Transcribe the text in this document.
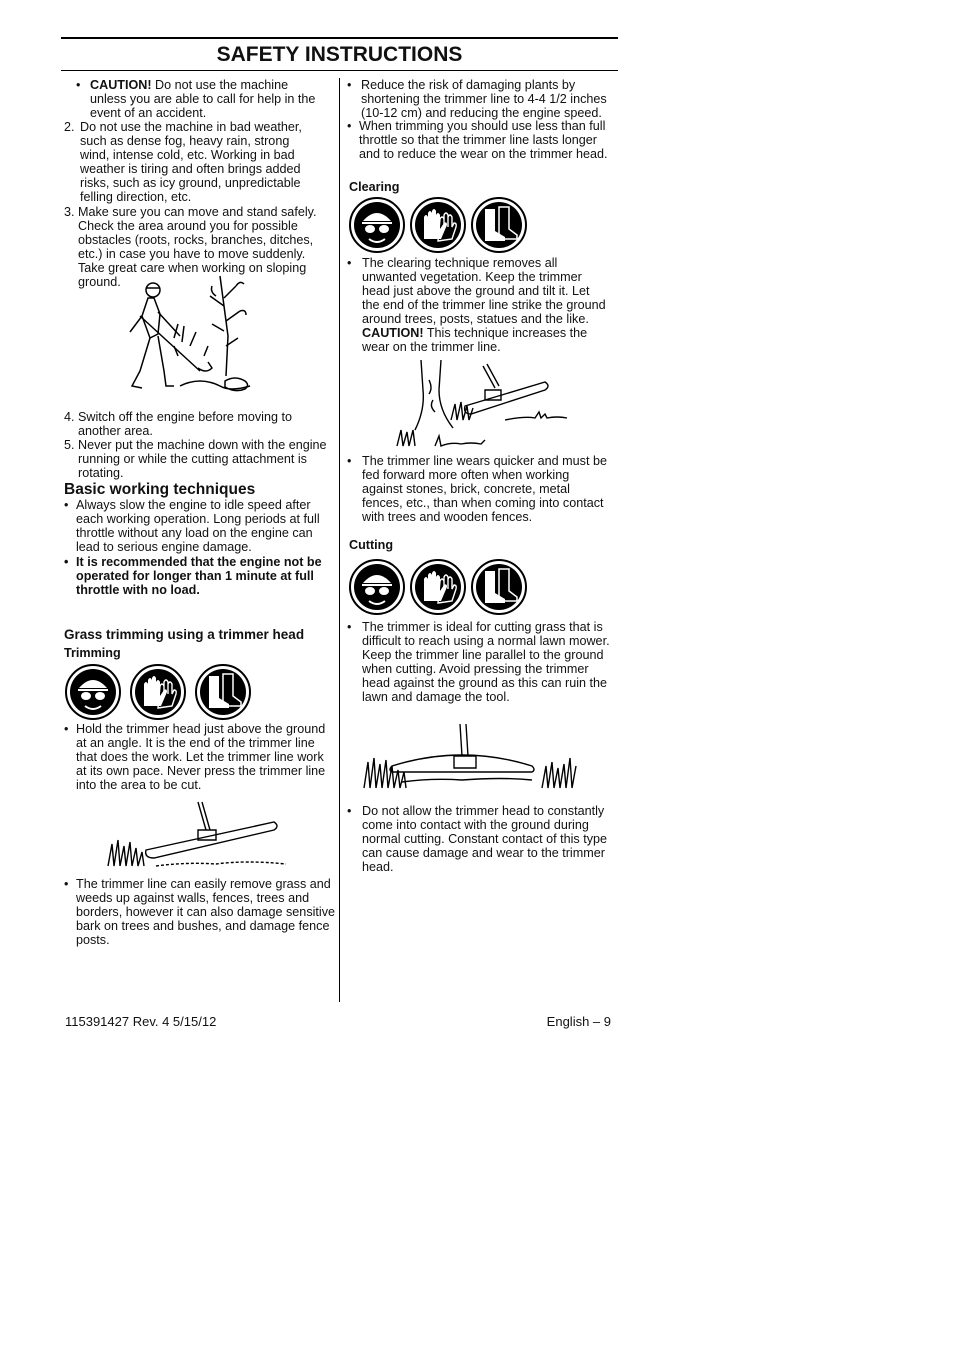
SAFETY INSTRUCTIONS
• CAUTION! Do not use the machine unless you are able to call for help in the event of an accident.
2. Do not use the machine in bad weather, such as dense fog, heavy rain, strong wind, intense cold, etc. Working in bad weather is tiring and often brings added risks, such as icy ground, unpredictable felling direction, etc.
3. Make sure you can move and stand safely. Check the area around you for possible obstacles (roots, rocks, branches, ditches, etc.) in case you have to move suddenly. Take great care when working on sloping ground.
4. Switch off the engine before moving to another area.
5. Never put the machine down with the engine running or while the cutting attachment is rotating.
Basic working techniques
• Always slow the engine to idle speed after each working operation. Long periods at full throttle without any load on the engine can lead to serious engine damage.
• It is recommended that the engine not be operated for longer than 1 minute at full throttle with no load.
Grass trimming using a trimmer head
Trimming
• Hold the trimmer head just above the ground at an angle. It is the end of the trimmer line that does the work. Let the trimmer line work at its own pace. Never press the trimmer line into the area to be cut.
• The trimmer line can easily remove grass and weeds up against walls, fences, trees and borders, however it can also damage sensitive bark on trees and bushes, and damage fence posts.
• Reduce the risk of damaging plants by shortening the trimmer line to 4-4 1/2 inches (10-12 cm) and reducing the engine speed.
• When trimming you should use less than full throttle so that the trimmer line lasts longer and to reduce the wear on the trimmer head.
Clearing
• The clearing technique removes all unwanted vegetation. Keep the trimmer head just above the ground and tilt it. Let the end of the trimmer line strike the ground around trees, posts, statues and the like. CAUTION! This technique increases the wear on the trimmer line.
• The trimmer line wears quicker and must be fed forward more often when working against stones, brick, concrete, metal fences, etc., than when coming into contact with trees and wooden fences.
Cutting
• The trimmer is ideal for cutting grass that is difficult to reach using a normal lawn mower. Keep the trimmer line parallel to the ground when cutting. Avoid pressing the trimmer head against the ground as this can ruin the lawn and damage the tool.
• Do not allow the trimmer head to constantly come into contact with the ground during normal cutting. Constant contact of this type can cause damage and wear to the trimmer head.
115391427 Rev. 4 5/15/12	English – 9
